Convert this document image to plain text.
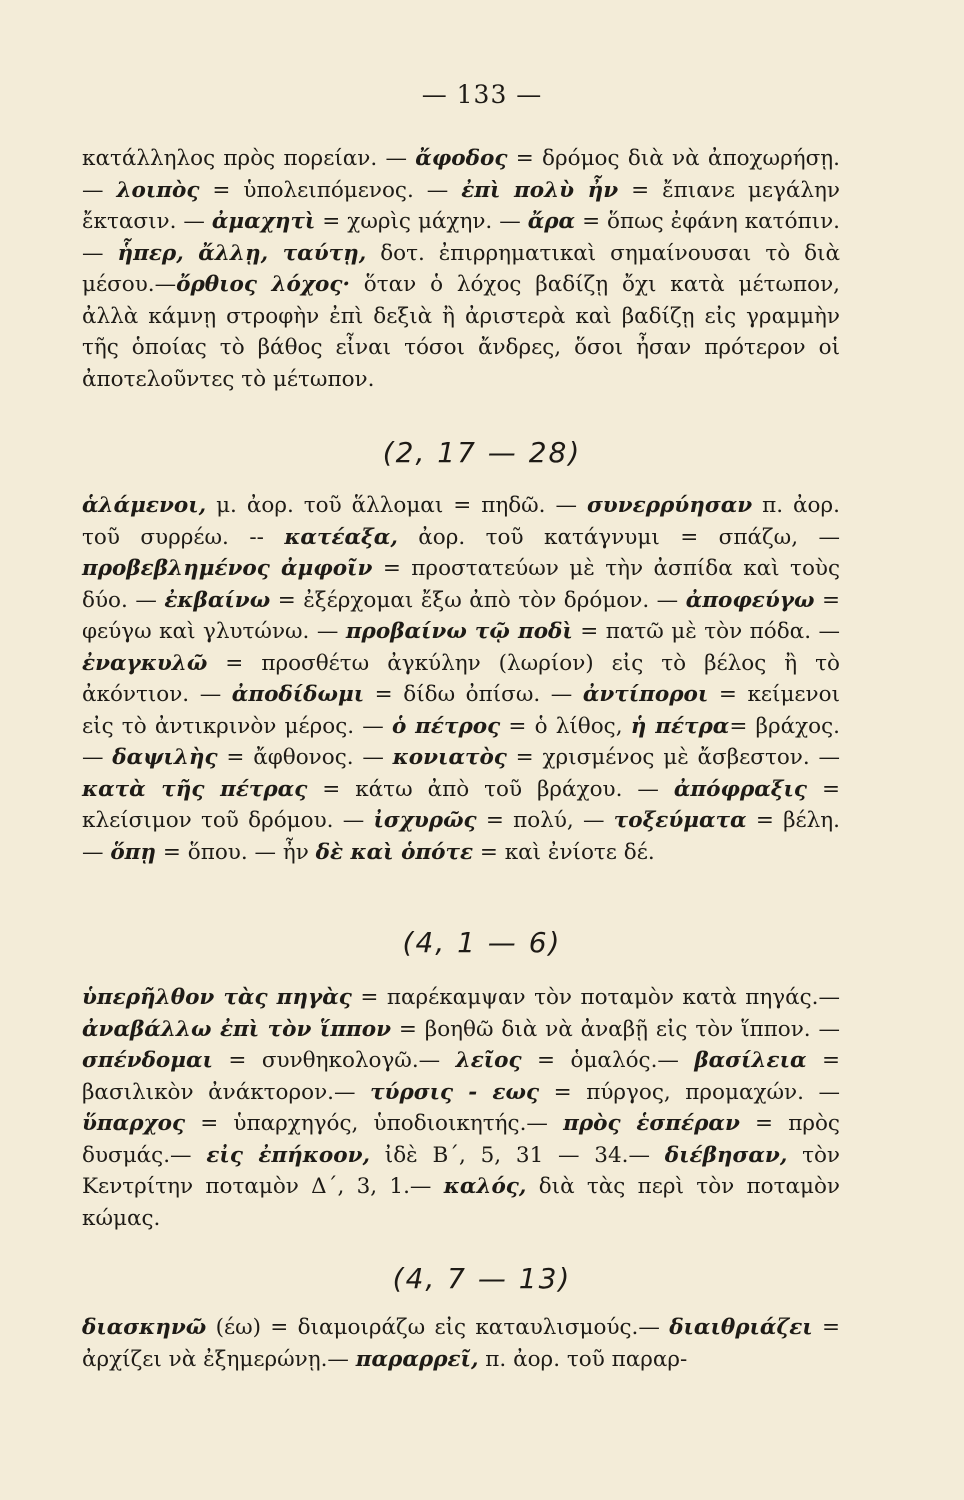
— 133 —

κατάλληλος πρὸς πορείαν. — ἄφοδος = δρόμος διὰ νὰ ἀποχωρήσῃ. — λοιπὸς = ὑπολειπόμενος. — ἐπὶ πολὺ ἦν = ἔπιανε μεγάλην ἔκτασιν. — ἀμαχητὶ = χωρὶς μάχην. — ἄρα = ὅπως ἐφάνη κατόπιν.— ἧπερ, ἄλλῃ, ταύτῃ, δοτ. ἐπιρρηματικαὶ σημαίνουσαι τὸ διὰ μέσου.—ὄρθιος λόχος· ὅταν ὁ λόχος βαδίζῃ ὄχι κατὰ μέτωπον, ἀλλὰ κάμνῃ στροφὴν ἐπὶ δεξιὰ ἢ ἀριστερὰ καὶ βαδίζῃ εἰς γραμμὴν τῆς ὁποίας τὸ βάθος εἶναι τόσοι ἄνδρες, ὅσοι ἦσαν πρότερον οἱ ἀποτελοῦντες τὸ μέτωπον.

(2, 17 — 28)

ἁλάμενοι, μ. ἀορ. τοῦ ἅλλομαι = πηδῶ. — συνερρύησαν π. ἀορ. τοῦ συρρέω. -- κατέαξα, ἀορ. τοῦ κατάγνυμι = σπάζω, — προβεβλημένος ἀμφοῖν = προστατεύων μὲ τὴν ἀσπίδα καὶ τοὺς δύο. — ἐκβαίνω = ἐξέρχομαι ἔξω ἀπὸ τὸν δρόμον. — ἀποφεύγω = φεύγω καὶ γλυτώνω. — προβαίνω τῷ ποδὶ = πατῶ μὲ τὸν πόδα. — ἐναγκυλῶ = προσθέτω ἀγκύλην (λωρίον) εἰς τὸ βέλος ἢ τὸ ἀκόντιον. — ἀποδίδωμι = δίδω ὀπίσω. — ἀντίποροι = κείμενοι εἰς τὸ ἀντικρινὸν μέρος. — ὁ πέτρος = ὁ λίθος, ἡ πέτρα= βράχος. — δαψιλὴς = ἄφθονος. — κονιατὸς = χρισμένος μὲ ἄσβεστον. — κατὰ τῆς πέτρας = κάτω ἀπὸ τοῦ βράχου. — ἀπόφραξις = κλείσιμον τοῦ δρόμου. — ἰσχυρῶς = πολύ, — τοξεύματα = βέλη. — ὅπῃ = ὅπου. — ἦν δὲ καὶ ὁπότε = καὶ ἐνίοτε δέ.

(4, 1 — 6)

ὑπερῆλθον τὰς πηγὰς = παρέκαμψαν τὸν ποταμὸν κατὰ πηγάς.—ἀναβάλλω ἐπὶ τὸν ἵππον = βοηθῶ διὰ νὰ ἀναβῇ εἰς τὸν ἵππον. — σπένδομαι = συνθηκολογῶ.— λεῖος = ὁμαλός.— βασίλεια = βασιλικὸν ἀνάκτορον.— τύρσις - εως = πύργος, προμαχών. — ὕπαρχος = ὑπαρχηγός, ὑποδιοικητής.— πρὸς ἑσπέραν = πρὸς δυσμάς.— εἰς ἐπήκοον, ἰδὲ Β΄, 5, 31 — 34.— διέβησαν, τὸν Κεντρίτην ποταμὸν Δ΄, 3, 1.— καλός, διὰ τὰς περὶ τὸν ποταμὸν κώμας.

(4, 7 — 13)

διασκηνῶ (έω) = διαμοιράζω εἰς καταυλισμούς.— διαιθριάζει = ἀρχίζει νὰ ἐξημερώνῃ.— παραρρεῖ, π. ἀορ. τοῦ παραρ-
